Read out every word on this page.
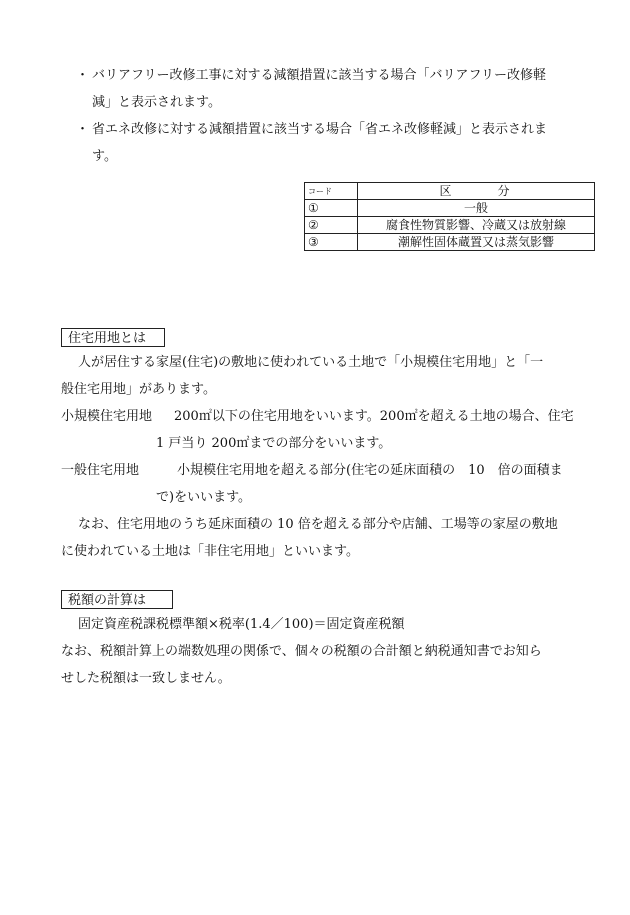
・ バリアフリー改修工事に対する減額措置に該当する場合「バリアフリー改修軽
減」と表示されます。
・ 省エネ改修に対する減額措置に該当する場合「省エネ改修軽減」と表示されま
す。
コード	区分
①	一般
②	腐食性物質影響、冷蔵又は放射線
③	潮解性固体蔵置又は蒸気影響
住宅用地とは
人が居住する家屋(住宅)の敷地に使われている土地で「小規模住宅用地」と「一
般住宅用地」があります。
小規模住宅用地 200㎡以下の住宅用地をいいます。200㎡を超える土地の場合、住宅
1 戸当り 200㎡までの部分をいいます。
一般住宅用地	小規模住宅用地を超える部分(住宅の延床面積の　10　倍の面積ま
で)をいいます。
なお、住宅用地のうち延床面積の 10 倍を超える部分や店舗、工場等の家屋の敷地
に使われている土地は「非住宅用地」といいます。
税額の計算は
固定資産税課税標準額×税率(1.4／100)＝固定資産税額
なお、税額計算上の端数処理の関係で、個々の税額の合計額と納税通知書でお知ら
せした税額は一致しません。
